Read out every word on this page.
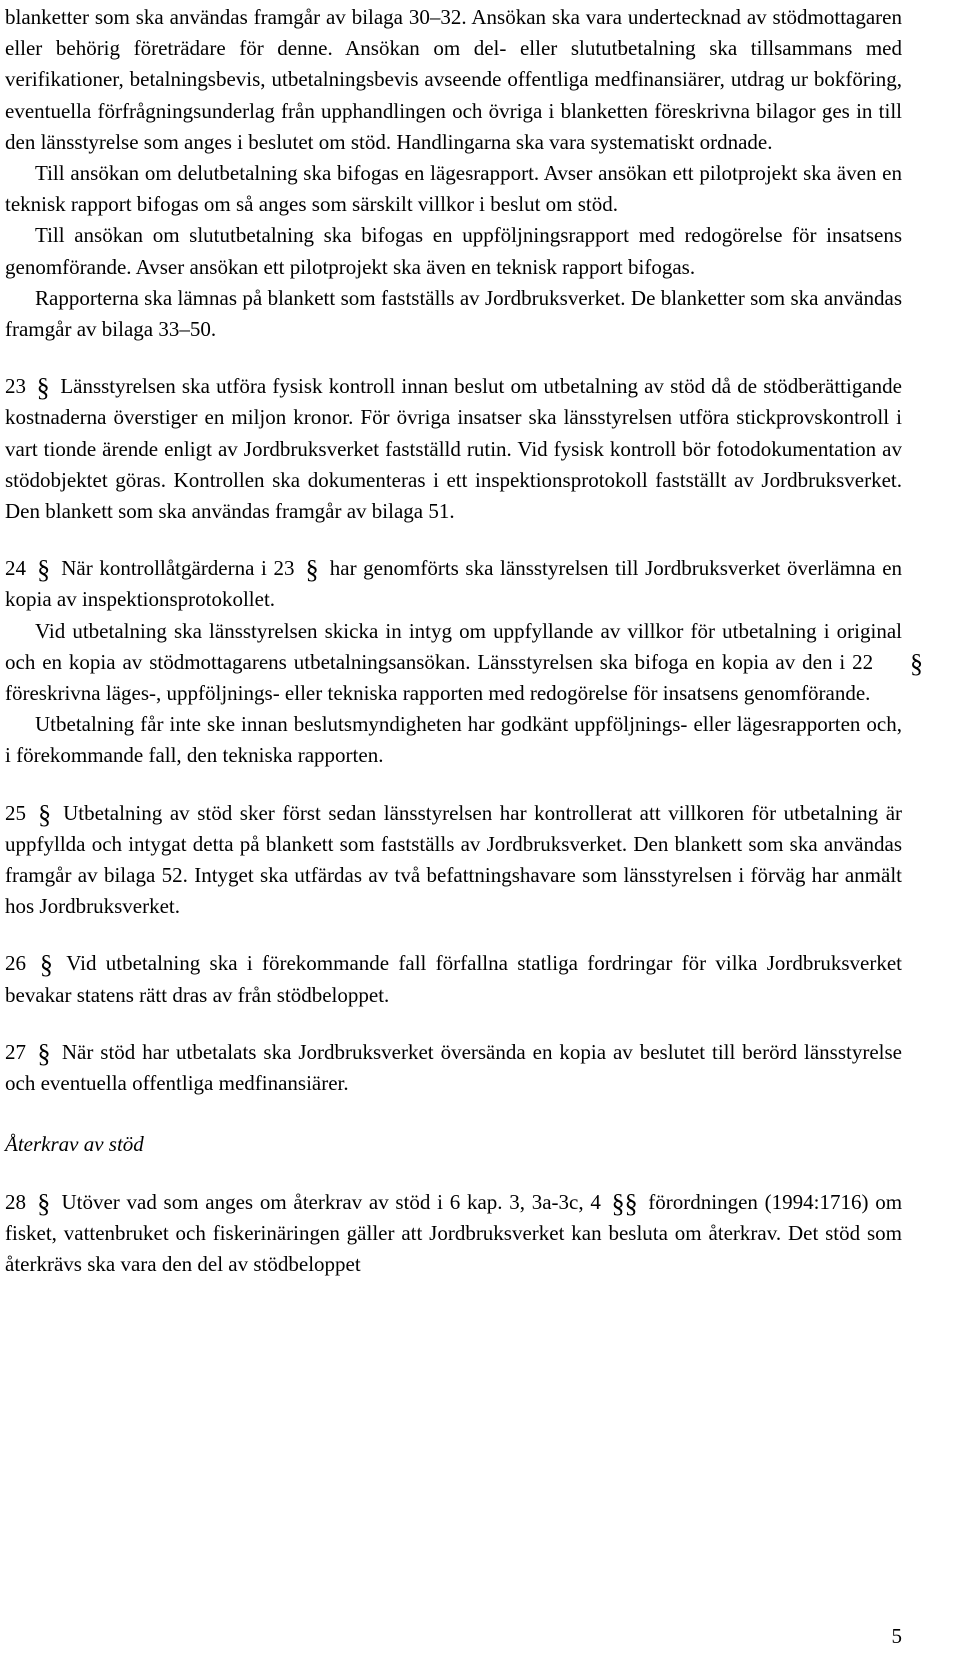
blanketter som ska användas framgår av bilaga 30–32. Ansökan ska vara undertecknad av stödmottagaren eller behörig företrädare för denne. Ansökan om del- eller slututbetalning ska tillsammans med verifikationer, betalningsbevis, utbetalningsbevis avseende offentliga medfinansiärer, utdrag ur bokföring, eventuella förfrågningsunderlag från upphandlingen och övriga i blanketten föreskrivna bilagor ges in till den länsstyrelse som anges i beslutet om stöd. Handlingarna ska vara systematiskt ordnade.

Till ansökan om delutbetalning ska bifogas en lägesrapport. Avser ansökan ett pilotprojekt ska även en teknisk rapport bifogas om så anges som särskilt villkor i beslut om stöd.

Till ansökan om slututbetalning ska bifogas en uppföljningsrapport med redogörelse för insatsens genomförande. Avser ansökan ett pilotprojekt ska även en teknisk rapport bifogas.

Rapporterna ska lämnas på blankett som fastställs av Jordbruksverket. De blanketter som ska användas framgår av bilaga 33–50.

23 § Länsstyrelsen ska utföra fysisk kontroll innan beslut om utbetalning av stöd då de stödberättigande kostnaderna överstiger en miljon kronor. För övriga insatser ska länsstyrelsen utföra stickprovskontroll i vart tionde ärende enligt av Jordbruksverket fastställd rutin. Vid fysisk kontroll bör fotodokumentation av stödobjektet göras. Kontrollen ska dokumenteras i ett inspektionsprotokoll fastställt av Jordbruksverket. Den blankett som ska användas framgår av bilaga 51.

24 § När kontrollåtgärderna i 23 § har genomförts ska länsstyrelsen till Jordbruksverket överlämna en kopia av inspektionsprotokollet.

Vid utbetalning ska länsstyrelsen skicka in intyg om uppfyllande av villkor för utbetalning i original och en kopia av stödmottagarens utbetalningsansökan. Länsstyrelsen ska bifoga en kopia av den i 22 § föreskrivna läges-, uppföljnings- eller tekniska rapporten med redogörelse för insatsens genomförande.

Utbetalning får inte ske innan beslutsmyndigheten har godkänt uppföljnings- eller lägesrapporten och, i förekommande fall, den tekniska rapporten.

25 § Utbetalning av stöd sker först sedan länsstyrelsen har kontrollerat att villkoren för utbetalning är uppfyllda och intygat detta på blankett som fastställs av Jordbruksverket. Den blankett som ska användas framgår av bilaga 52. Intyget ska utfärdas av två befattningshavare som länsstyrelsen i förväg har anmält hos Jordbruksverket.

26 § Vid utbetalning ska i förekommande fall förfallna statliga fordringar för vilka Jordbruksverket bevakar statens rätt dras av från stödbeloppet.

27 § När stöd har utbetalats ska Jordbruksverket översända en kopia av beslutet till berörd länsstyrelse och eventuella offentliga medfinansiärer.

Återkrav av stöd

28 § Utöver vad som anges om återkrav av stöd i 6 kap. 3, 3a-3c, 4 §§ förordningen (1994:1716) om fisket, vattenbruket och fiskerinäringen gäller att Jordbruksverket kan besluta om återkrav. Det stöd som återkrävs ska vara den del av stödbeloppet

5
